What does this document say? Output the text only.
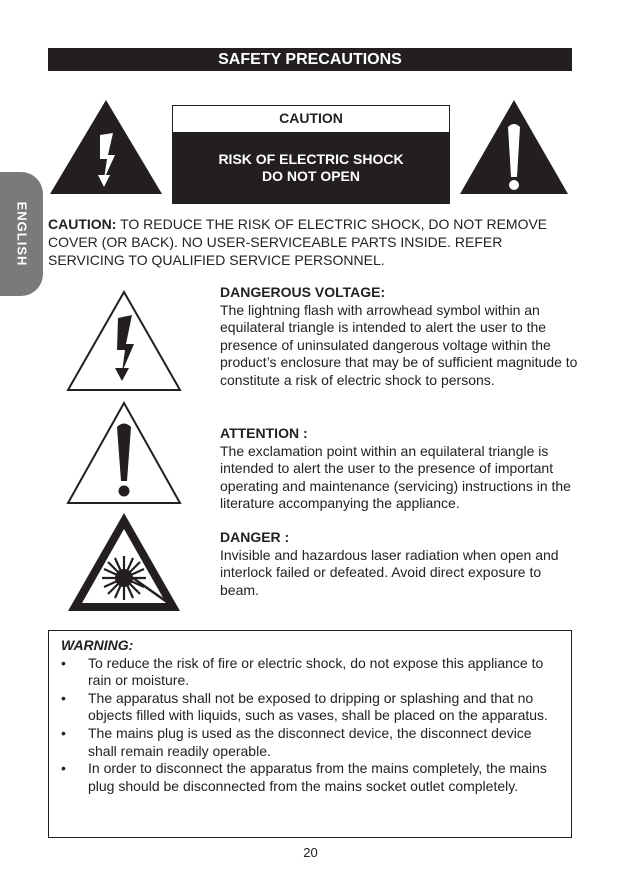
SAFETY PRECAUTIONS
ENGLISH
CAUTION
RISK OF ELECTRIC SHOCK
DO NOT OPEN
CAUTION: TO REDUCE THE RISK OF ELECTRIC SHOCK, DO NOT REMOVE COVER (OR BACK). NO USER-SERVICEABLE PARTS INSIDE. REFER SERVICING TO QUALIFIED SERVICE PERSONNEL.
DANGEROUS VOLTAGE:
The lightning flash with arrowhead symbol within an equilateral triangle is intended to alert the user to the presence of uninsulated dangerous voltage within the product’s enclosure that may be of sufficient magnitude to constitute a risk of electric shock to persons.
ATTENTION :
The exclamation point within an equilateral triangle is intended to alert the user to the presence of important operating and maintenance (servicing) instructions in the literature accompanying the appliance.
DANGER :
Invisible and hazardous laser radiation when open and interlock failed or defeated. Avoid direct exposure to beam.
WARNING:
• To reduce the risk of fire or electric shock, do not expose this appliance to rain or moisture.
• The apparatus shall not be exposed to dripping or splashing and that no objects filled with liquids, such as vases, shall be placed on the apparatus.
• The mains plug is used as the disconnect device, the disconnect device shall remain readily operable.
• In order to disconnect the apparatus from the mains completely, the mains plug should be disconnected from the mains socket outlet completely.
20
